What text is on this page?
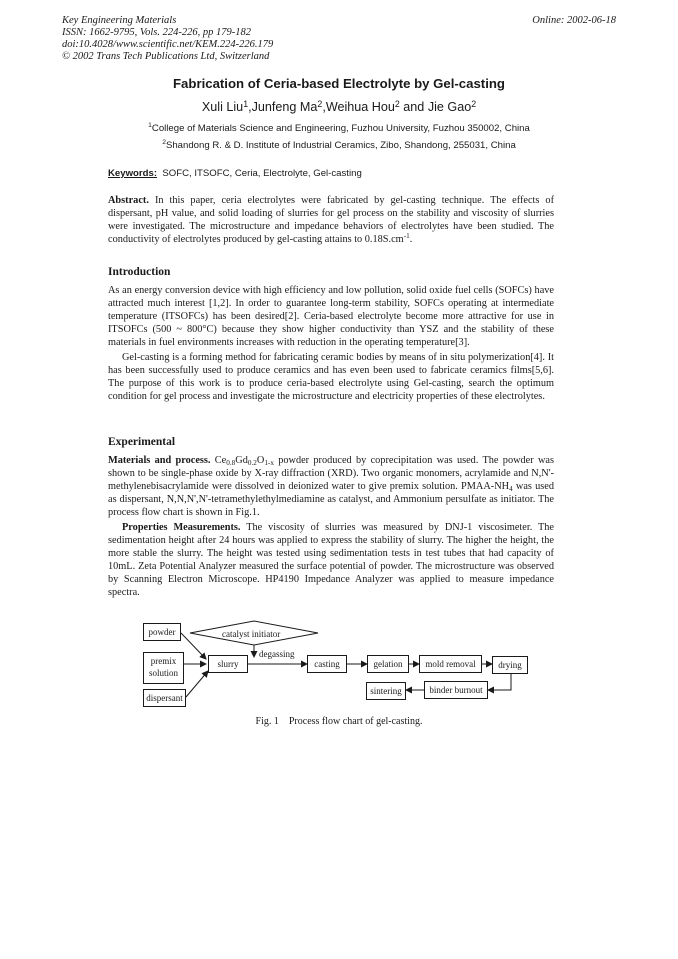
Key Engineering Materials
ISSN: 1662-9795, Vols. 224-226, pp 179-182
doi:10.4028/www.scientific.net/KEM.224-226.179
© 2002 Trans Tech Publications Ltd, Switzerland
Online: 2002-06-18
Fabrication of Ceria-based Electrolyte by Gel-casting
Xuli Liu$^1$,Junfeng Ma$^2$,Weihua Hou$^2$ and Jie Gao$^2$
$^1$College of Materials Science and Engineering, Fuzhou University, Fuzhou 350002, China
$^2$Shandong R. & D. Institute of Industrial Ceramics, Zibo, Shandong, 255031, China
Keywords: SOFC, ITSOFC, Ceria, Electrolyte, Gel-casting
Abstract. In this paper, ceria electrolytes were fabricated by gel-casting technique. The effects of dispersant, pH value, and solid loading of slurries for gel process on the stability and viscosity of slurries were investigated. The microstructure and impedance behaviors of electrolytes have been studied. The conductivity of electrolytes produced by gel-casting attains to $0.18S.cm^{-1}$.
Introduction
As an energy conversion device with high efficiency and low pollution, solid oxide fuel cells (SOFCs) have attracted much interest [1,2]. In order to guarantee long-term stability, SOFCs operating at intermediate temperature (ITSOFCs) has been desired[2]. Ceria-based electrolyte become more attractive for use in ITSOFCs (500 ~ 800°C) because they show higher conductivity than YSZ and the stability of these materials in fuel environments increases with reduction in the operating temperature[3].
Gel-casting is a forming method for fabricating ceramic bodies by means of in situ polymerization[4]. It has been successfully used to produce ceramics and has even been used to fabricate ceramics films[5,6]. The purpose of this work is to produce ceria-based electrolyte using Gel-casting, search the optimum condition for gel process and investigate the microstructure and electricity properties of these electrolytes.
Experimental
Materials and process. $Ce_{0.8}Gd_{0.2}O_{1-x}$ powder produced by coprecipitation was used. The powder was shown to be single-phase oxide by X-ray diffraction (XRD). Two organic monomers, acrylamide and N,N'-methylenebisacrylamide were dissolved in deionized water to give premix solution. PMAA-$NH_4$ was used as dispersant, N,N,N',N'-tetramethylethylmediamine as catalyst, and Ammonium persulfate as initiator. The process flow chart is shown in Fig.1.
Properties Measurements. The viscosity of slurries was measured by DNJ-1 viscosimeter. The sedimentation height after 24 hours was applied to express the stability of slurry. The higher the height, the more stable the slurry. The height was tested using sedimentation tests in test tubes that had capacity of 10mL. Zeta Potential Analyzer measured the surface potential of powder. The microstructure was observed by Scanning Electron Microscope. HP4190 Impedance Analyzer was applied to measure impedance spectra.
powder
premix solution
dispersant
catalyst initiator
slurry
degassing
casting	gelation	mold removal	drying
binder burnout
sintering
Fig. 1    Process flow chart of gel-casting.
